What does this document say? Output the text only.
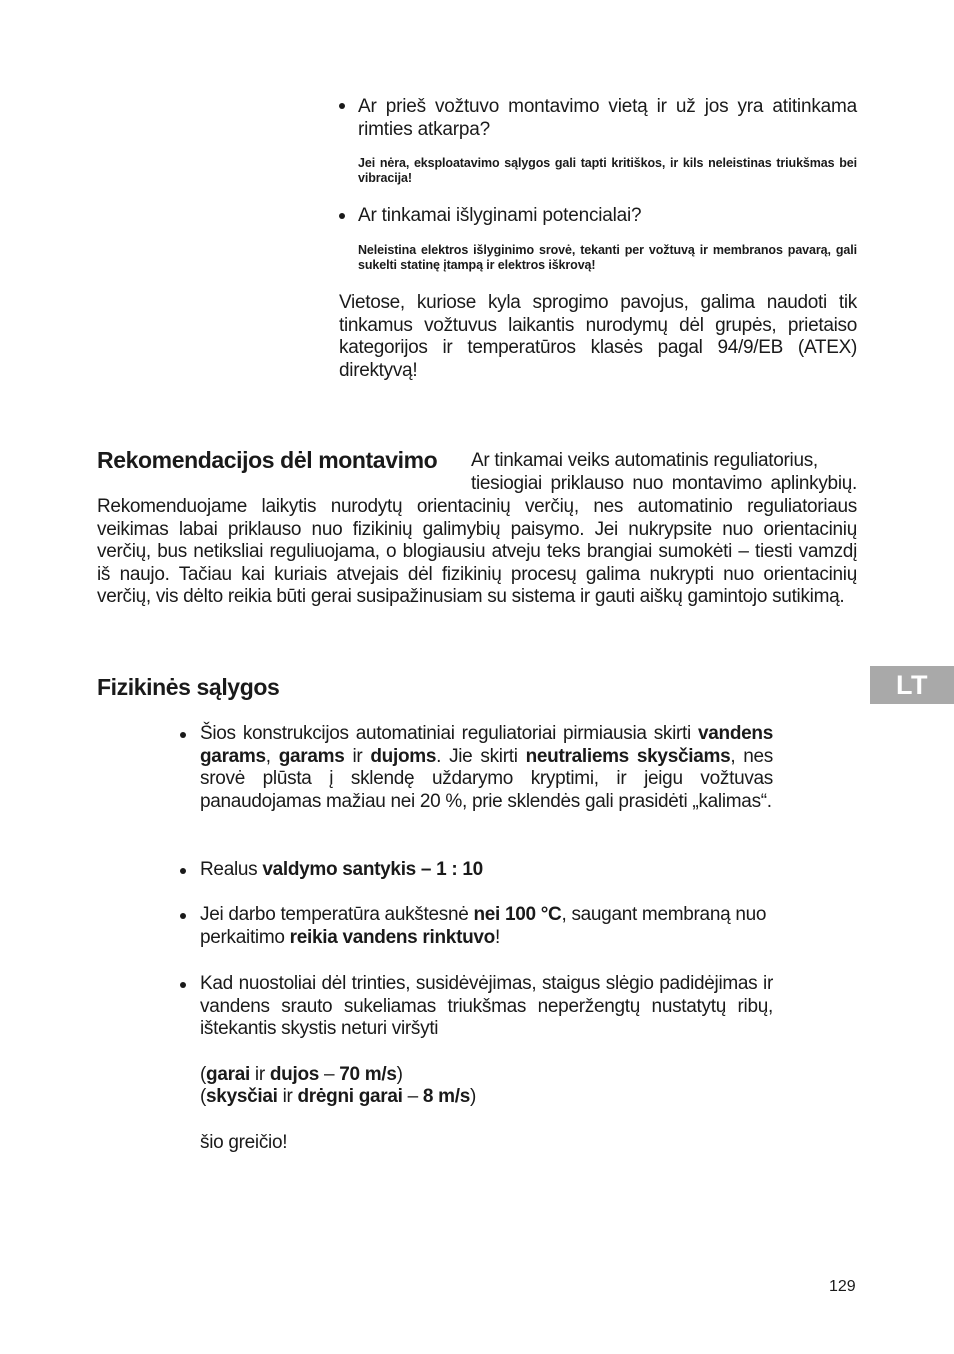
Ar prieš vožtuvo montavimo vietą ir už jos yra atitinkama rimties atkarpa?
Jei nėra, eksploatavimo sąlygos gali tapti kritiškos, ir kils neleistinas triukšmas bei vibracija!
Ar tinkamai išlyginami potencialai?
Neleistina elektros išlyginimo srovė, tekanti per vožtuvą ir membranos pavarą, gali sukelti statinę įtampą ir elektros iškrovą!
Vietose, kuriose kyla sprogimo pavojus, galima naudoti tik tinkamus vožtuvus laikantis nurodymų dėl grupės, prietaiso kategorijos ir temperatūros klasės pagal 94/9/EB (ATEX) direktyvą!
Rekomendacijos dėl montavimo Ar tinkamai veiks automatinis reguliatorius,
tiesiogiai priklauso nuo montavimo aplinkybių.
Rekomenduojame laikytis nurodytų orientacinių verčių, nes automatinio reguliatoriaus veikimas labai priklauso nuo fizikinių galimybių paisymo. Jei nukrypsite nuo orientacinių verčių, bus netiksliai reguliuojama, o blogiausiu atveju teks brangiai sumokėti – tiesti vamzdį iš naujo. Tačiau kai kuriais atvejais dėl fizikinių procesų galima nukrypti nuo orientacinių verčių, vis dėlto reikia būti gerai susipažinusiam su sistema ir gauti aiškų gamintojo sutikimą.
LT
Fizikinės sąlygos
Šios konstrukcijos automatiniai reguliatoriai pirmiausia skirti vandens garams, garams ir dujoms. Jie skirti neutraliems skysčiams, nes srovė plūsta į sklendę uždarymo kryptimi, ir jeigu vožtuvas panaudojamas mažiau nei 20 %, prie sklendės gali prasidėti „kalimas“.
Realus valdymo santykis – 1 : 10
Jei darbo temperatūra aukštesnė nei 100 °C, saugant membraną nuo perkaitimo reikia vandens rinktuvo!
Kad nuostoliai dėl trinties, susidėvėjimas, staigus slėgio padidėjimas ir vandens srauto sukeliamas triukšmas neperžengtų nustatytų ribų, ištekantis skystis neturi viršyti
(garai ir dujos – 70 m/s)
(skysčiai ir drėgni garai – 8 m/s)
šio greičio!
129
